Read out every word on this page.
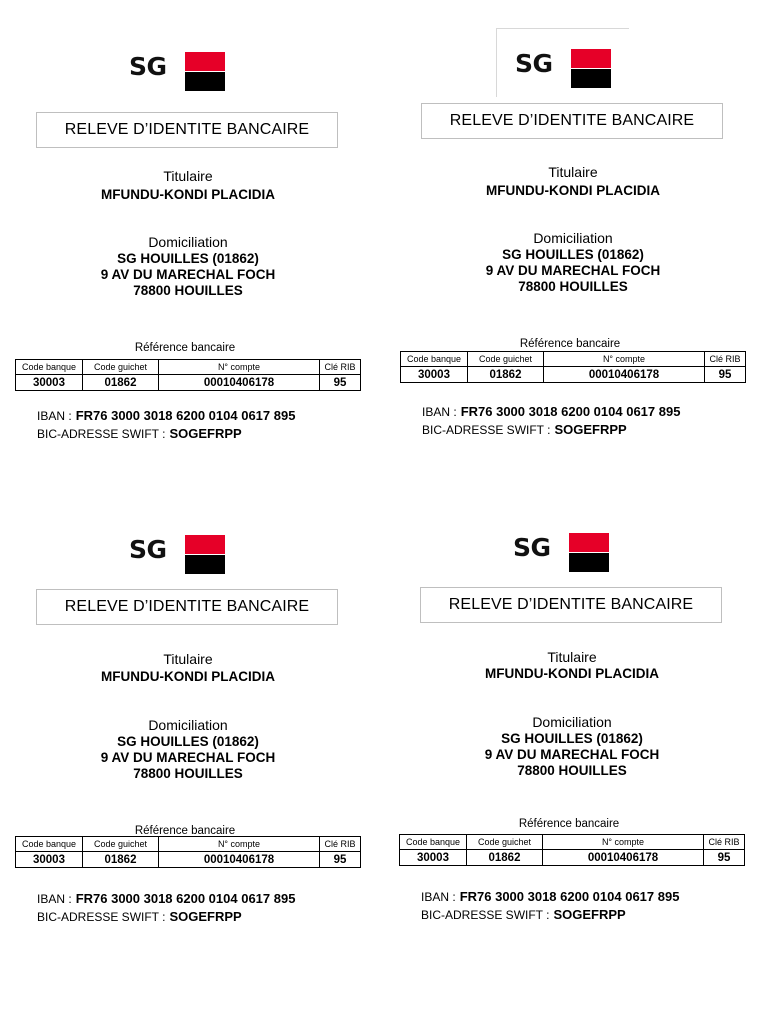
SG
RELEVE D’IDENTITE BANCAIRE
Titulaire
MFUNDU-KONDI PLACIDIA
Domiciliation
SG HOUILLES (01862)
9 AV DU MARECHAL FOCH
78800 HOUILLES
Référence bancaire
Code banque	Code guichet	N° compte	Clé RIB
30003	01862	00010406178	95
IBAN : FR76 3000 3018 6200 0104 0617 895
BIC-ADRESSE SWIFT : SOGEFRPP
SG
RELEVE D’IDENTITE BANCAIRE
Titulaire
MFUNDU-KONDI PLACIDIA
Domiciliation
SG HOUILLES (01862)
9 AV DU MARECHAL FOCH
78800 HOUILLES
Référence bancaire
Code banque	Code guichet	N° compte	Clé RIB
30003	01862	00010406178	95
IBAN : FR76 3000 3018 6200 0104 0617 895
BIC-ADRESSE SWIFT : SOGEFRPP
SG
RELEVE D’IDENTITE BANCAIRE
Titulaire
MFUNDU-KONDI PLACIDIA
Domiciliation
SG HOUILLES (01862)
9 AV DU MARECHAL FOCH
78800 HOUILLES
Référence bancaire
Code banque	Code guichet	N° compte	Clé RIB
30003	01862	00010406178	95
IBAN : FR76 3000 3018 6200 0104 0617 895
BIC-ADRESSE SWIFT : SOGEFRPP
SG
RELEVE D’IDENTITE BANCAIRE
Titulaire
MFUNDU-KONDI PLACIDIA
Domiciliation
SG HOUILLES (01862)
9 AV DU MARECHAL FOCH
78800 HOUILLES
Référence bancaire
Code banque	Code guichet	N° compte	Clé RIB
30003	01862	00010406178	95
IBAN : FR76 3000 3018 6200 0104 0617 895
BIC-ADRESSE SWIFT : SOGEFRPP
